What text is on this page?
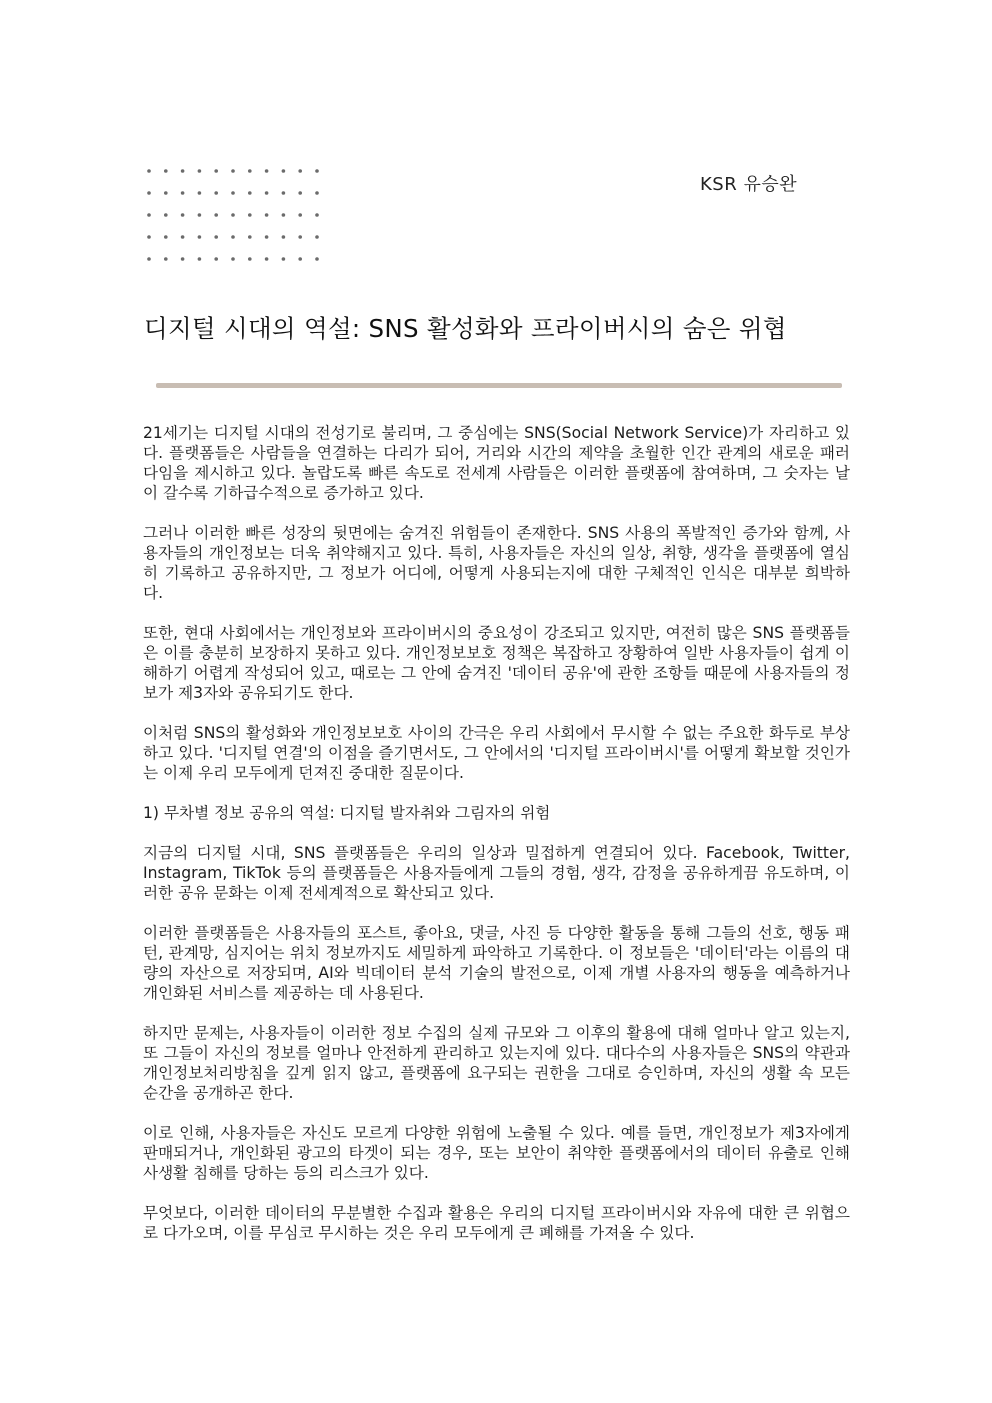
KSR 유승완
디지털 시대의 역설: SNS 활성화와 프라이버시의 숨은 위협

21세기는 디지털 시대의 전성기로 불리며, 그 중심에는 SNS(Social Network Service)가 자리하고 있다. 플랫폼들은 사람들을 연결하는 다리가 되어, 거리와 시간의 제약을 초월한 인간 관계의 새로운 패러다임을 제시하고 있다. 놀랍도록 빠른 속도로 전세계 사람들은 이러한 플랫폼에 참여하며, 그 숫자는 날이 갈수록 기하급수적으로 증가하고 있다.

그러나 이러한 빠른 성장의 뒷면에는 숨겨진 위험들이 존재한다. SNS 사용의 폭발적인 증가와 함께, 사용자들의 개인정보는 더욱 취약해지고 있다. 특히, 사용자들은 자신의 일상, 취향, 생각을 플랫폼에 열심히 기록하고 공유하지만, 그 정보가 어디에, 어떻게 사용되는지에 대한 구체적인 인식은 대부분 희박하다.

또한, 현대 사회에서는 개인정보와 프라이버시의 중요성이 강조되고 있지만, 여전히 많은 SNS 플랫폼들은 이를 충분히 보장하지 못하고 있다. 개인정보보호 정책은 복잡하고 장황하여 일반 사용자들이 쉽게 이해하기 어렵게 작성되어 있고, 때로는 그 안에 숨겨진 '데이터 공유'에 관한 조항들 때문에 사용자들의 정보가 제3자와 공유되기도 한다.

이처럼 SNS의 활성화와 개인정보보호 사이의 간극은 우리 사회에서 무시할 수 없는 주요한 화두로 부상하고 있다. '디지털 연결'의 이점을 즐기면서도, 그 안에서의 '디지털 프라이버시'를 어떻게 확보할 것인가는 이제 우리 모두에게 던져진 중대한 질문이다.

1) 무차별 정보 공유의 역설: 디지털 발자취와 그림자의 위험

지금의 디지털 시대, SNS 플랫폼들은 우리의 일상과 밀접하게 연결되어 있다. Facebook, Twitter, Instagram, TikTok 등의 플랫폼들은 사용자들에게 그들의 경험, 생각, 감정을 공유하게끔 유도하며, 이러한 공유 문화는 이제 전세계적으로 확산되고 있다.

이러한 플랫폼들은 사용자들의 포스트, 좋아요, 댓글, 사진 등 다양한 활동을 통해 그들의 선호, 행동 패턴, 관계망, 심지어는 위치 정보까지도 세밀하게 파악하고 기록한다. 이 정보들은 '데이터'라는 이름의 대량의 자산으로 저장되며, AI와 빅데이터 분석 기술의 발전으로, 이제 개별 사용자의 행동을 예측하거나 개인화된 서비스를 제공하는 데 사용된다.

하지만 문제는, 사용자들이 이러한 정보 수집의 실제 규모와 그 이후의 활용에 대해 얼마나 알고 있는지, 또 그들이 자신의 정보를 얼마나 안전하게 관리하고 있는지에 있다. 대다수의 사용자들은 SNS의 약관과 개인정보처리방침을 깊게 읽지 않고, 플랫폼에 요구되는 권한을 그대로 승인하며, 자신의 생활 속 모든 순간을 공개하곤 한다.

이로 인해, 사용자들은 자신도 모르게 다양한 위험에 노출될 수 있다. 예를 들면, 개인정보가 제3자에게 판매되거나, 개인화된 광고의 타겟이 되는 경우, 또는 보안이 취약한 플랫폼에서의 데이터 유출로 인해 사생활 침해를 당하는 등의 리스크가 있다.

무엇보다, 이러한 데이터의 무분별한 수집과 활용은 우리의 디지털 프라이버시와 자유에 대한 큰 위협으로 다가오며, 이를 무심코 무시하는 것은 우리 모두에게 큰 폐해를 가져올 수 있다.
